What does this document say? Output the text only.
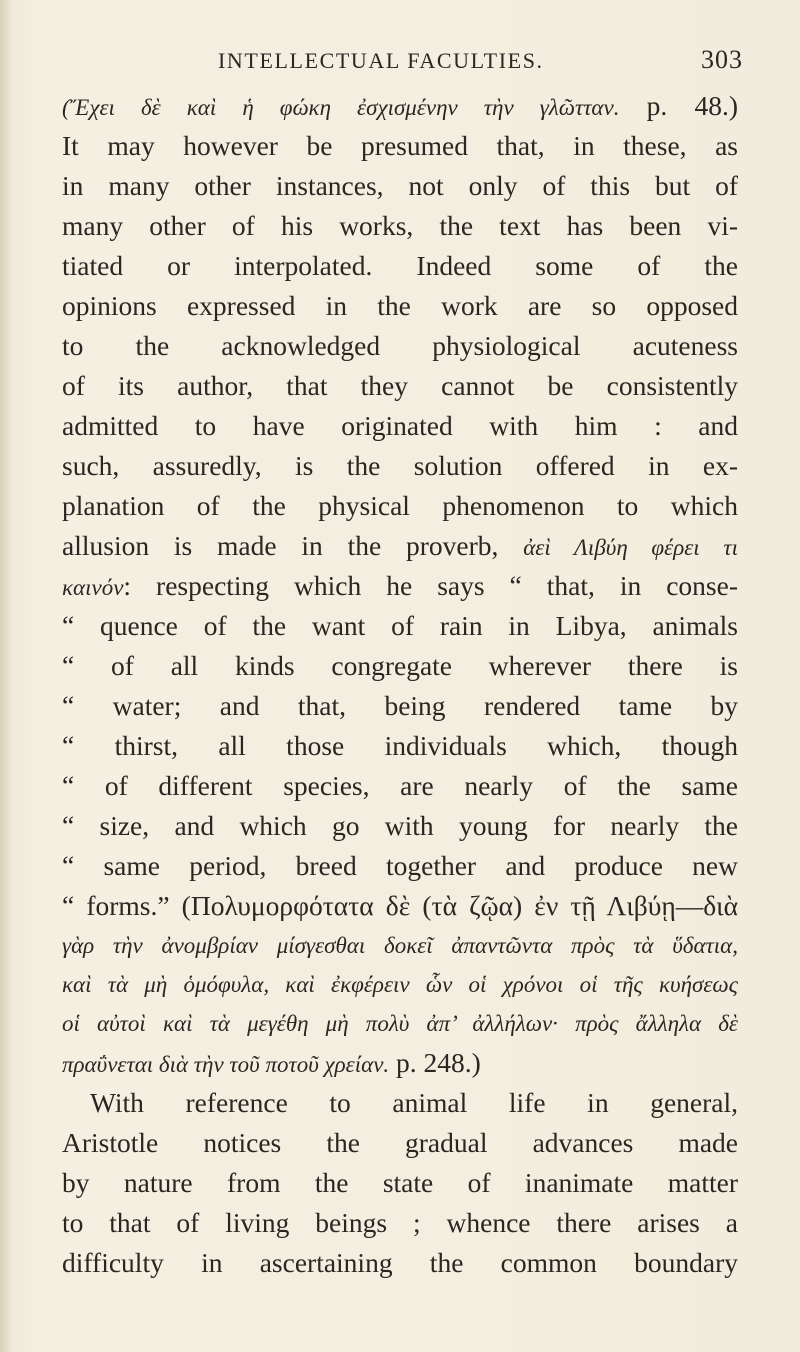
INTELLECTUAL FACULTIES.	303
(Ἔχει δὲ καὶ ἡ φώκη ἐσχισμένην τὴν γλῶτταν. p. 48.)
It may however be presumed that, in these, as
in many other instances, not only of this but of
many other of his works, the text has been vi-
tiated or interpolated. Indeed some of the
opinions expressed in the work are so opposed
to the acknowledged physiological acuteness
of its author, that they cannot be consistently
admitted to have originated with him : and
such, assuredly, is the solution offered in ex-
planation of the physical phenomenon to which
allusion is made in the proverb, ἀεὶ Λιβύη φέρει τι
καινόν: respecting which he says “ that, in conse-
“ quence of the want of rain in Libya, animals
“ of all kinds congregate wherever there is
“ water; and that, being rendered tame by
“ thirst, all those individuals which, though
“ of different species, are nearly of the same
“ size, and which go with young for nearly the
“ same period, breed together and produce new
“ forms.” (Πολυμορφότατα δὲ (τὰ ζῷα) ἐν τῇ Λιβύῃ—διὰ
γὰρ τὴν ἀνομβρίαν μίσγεσθαι δοκεῖ ἀπαντῶντα πρὸς τὰ ὕδατια,
καὶ τὰ μὴ ὁμόφυλα, καὶ ἐκφέρειν ὧν οἱ χρόνοι οἱ τῆς κυήσεως
οἱ αὐτοὶ καὶ τὰ μεγέθη μὴ πολὺ ἀπ’ ἀλλήλων· πρὸς ἄλληλα δὲ
πραΰνεται διὰ τὴν τοῦ ποτοῦ χρείαν. p. 248.)
With reference to animal life in general,
Aristotle notices the gradual advances made
by nature from the state of inanimate matter
to that of living beings ; whence there arises a
difficulty in ascertaining the common boundary
